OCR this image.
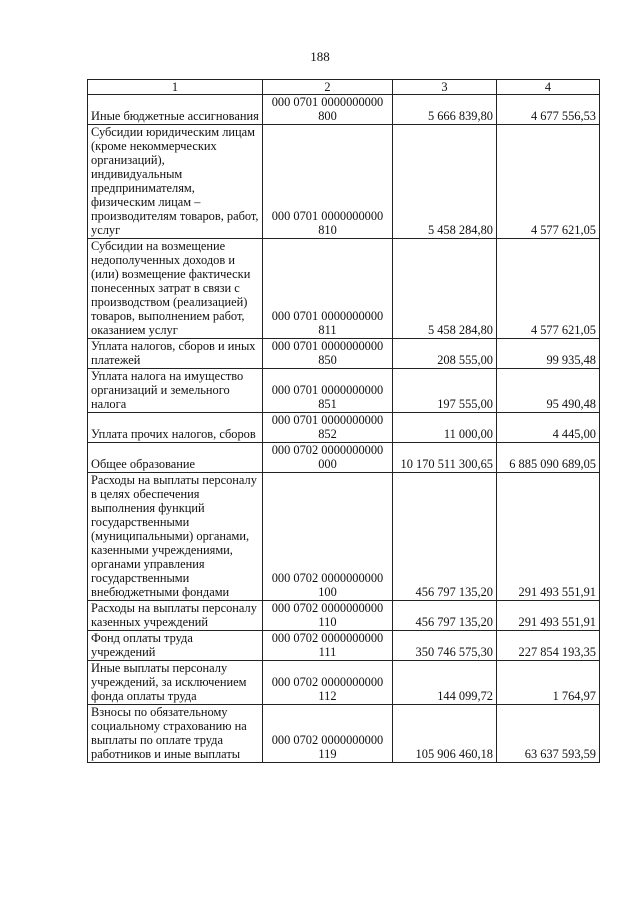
188
1	2	3	4
Иные бюджетные ассигнования	000 0701 0000000000 800	5 666 839,80	4 677 556,53
Субсидии юридическим лицам (кроме некоммерческих организаций), индивидуальным предпринимателям, физическим лицам – производителям товаров, работ, услуг	000 0701 0000000000 810	5 458 284,80	4 577 621,05
Субсидии на возмещение недополученных доходов и (или) возмещение фактически понесенных затрат в связи с производством (реализацией) товаров, выполнением работ, оказанием услуг	000 0701 0000000000 811	5 458 284,80	4 577 621,05
Уплата налогов, сборов и иных платежей	000 0701 0000000000 850	208 555,00	99 935,48
Уплата налога на имущество организаций и земельного налога	000 0701 0000000000 851	197 555,00	95 490,48
Уплата прочих налогов, сборов	000 0701 0000000000 852	11 000,00	4 445,00
Общее образование	000 0702 0000000000 000	10 170 511 300,65	6 885 090 689,05
Расходы на выплаты персоналу в целях обеспечения выполнения функций государственными (муниципальными) органами, казенными учреждениями, органами управления государственными внебюджетными фондами	000 0702 0000000000 100	456 797 135,20	291 493 551,91
Расходы на выплаты персоналу казенных учреждений	000 0702 0000000000 110	456 797 135,20	291 493 551,91
Фонд оплаты труда учреждений	000 0702 0000000000 111	350 746 575,30	227 854 193,35
Иные выплаты персоналу учреждений, за исключением фонда оплаты труда	000 0702 0000000000 112	144 099,72	1 764,97
Взносы по обязательному социальному страхованию на выплаты по оплате труда работников и иные выплаты	000 0702 0000000000 119	105 906 460,18	63 637 593,59
